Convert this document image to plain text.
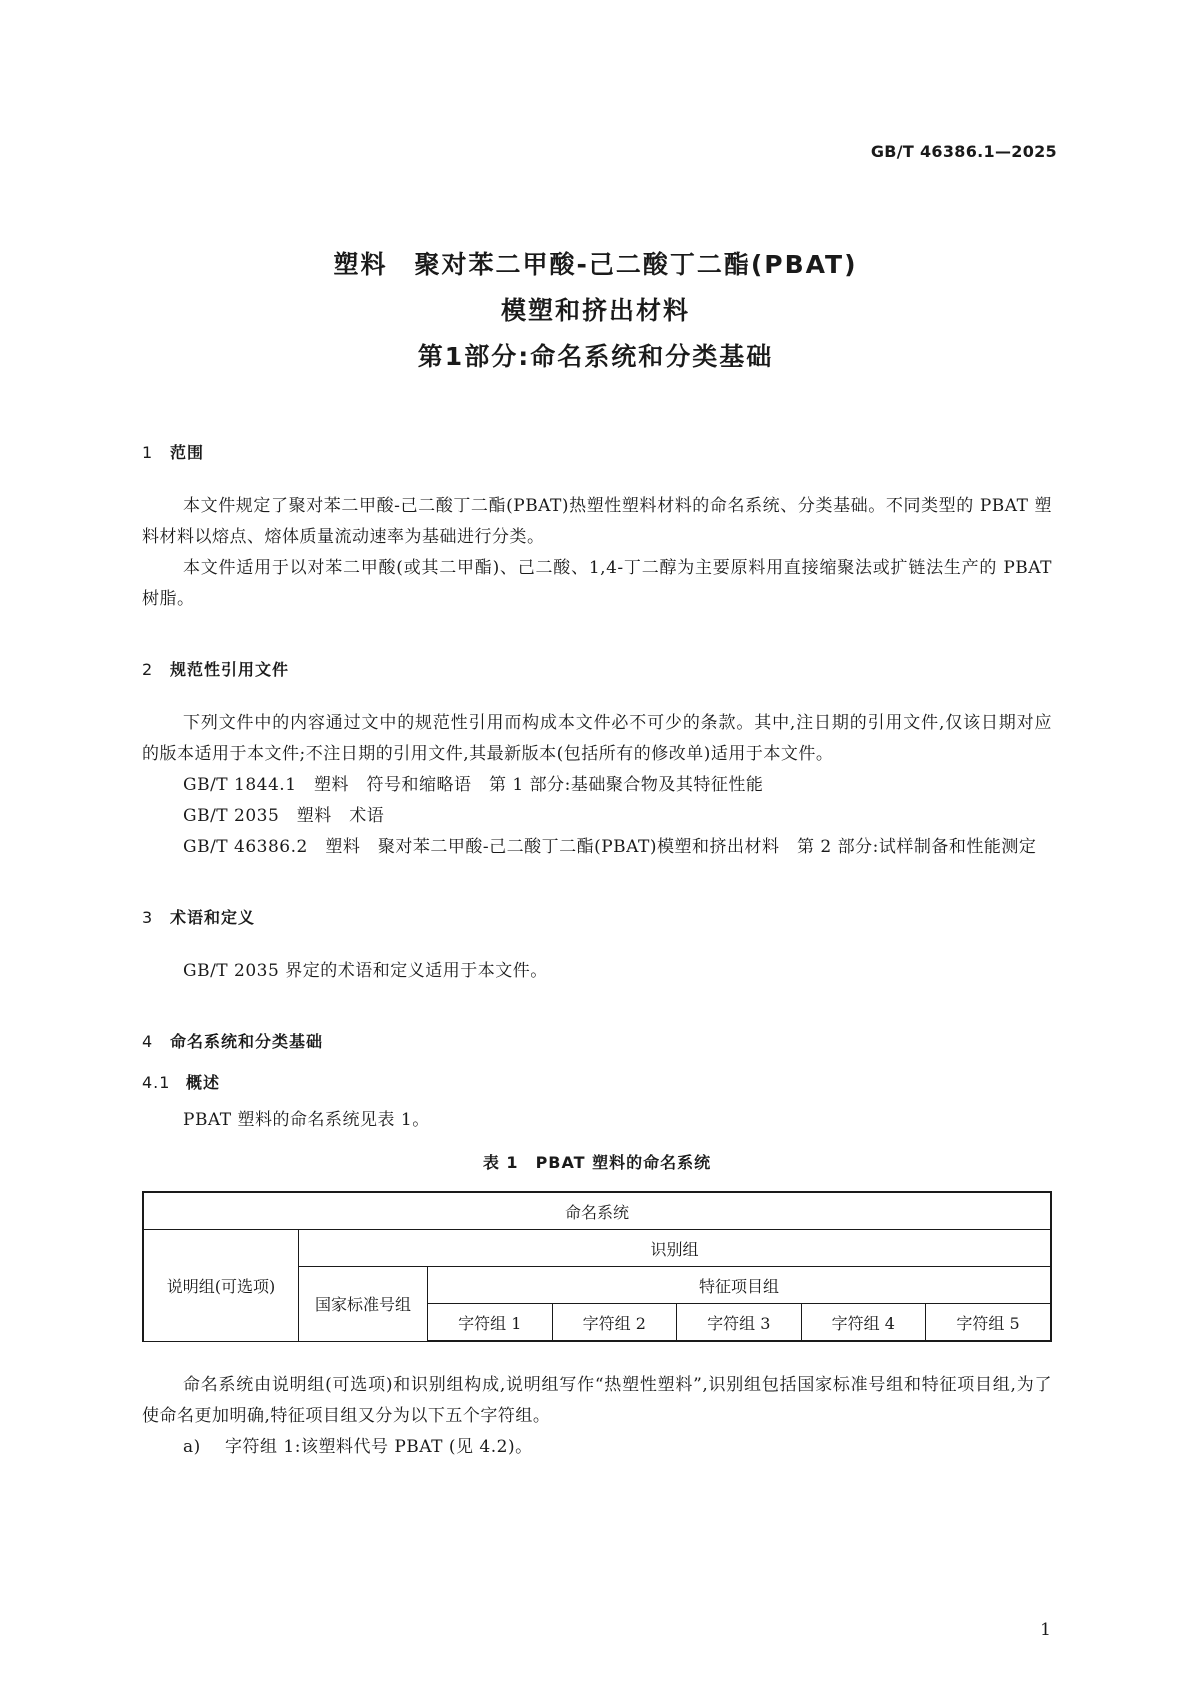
GB/T 46386.1—2025
塑料　聚对苯二甲酸-己二酸丁二酯(PBAT)
模塑和挤出材料
第1部分:命名系统和分类基础
1 范围

本文件规定了聚对苯二甲酸-己二酸丁二酯(PBAT)热塑性塑料材料的命名系统、分类基础。不同类型的 PBAT 塑料材料以熔点、熔体质量流动速率为基础进行分类。

本文件适用于以对苯二甲酸(或其二甲酯)、己二酸、1,4-丁二醇为主要原料用直接缩聚法或扩链法生产的 PBAT 树脂。

2 规范性引用文件

下列文件中的内容通过文中的规范性引用而构成本文件必不可少的条款。其中,注日期的引用文件,仅该日期对应的版本适用于本文件;不注日期的引用文件,其最新版本(包括所有的修改单)适用于本文件。

GB/T 1844.1　塑料　符号和缩略语　第 1 部分:基础聚合物及其特征性能
GB/T 2035　塑料　术语
GB/T 46386.2　塑料　聚对苯二甲酸-己二酸丁二酯(PBAT)模塑和挤出材料　第 2 部分:试样制备和性能测定
3 术语和定义

GB/T 2035 界定的术语和定义适用于本文件。

4 命名系统和分类基础
4.1 概述

PBAT 塑料的命名系统见表 1。

表 1　PBAT 塑料的命名系统
命名系统						
说明组(可选项)	识别组					
	国家标准号组	特征项目组				
		字符组 1	字符组 2	字符组 3	字符组 4	字符组 5

命名系统由说明组(可选项)和识别组构成,说明组写作“热塑性塑料”,识别组包括国家标准号组和特征项目组,为了使命名更加明确,特征项目组又分为以下五个字符组。

a) 字符组 1:该塑料代号 PBAT (见 4.2)。
1
